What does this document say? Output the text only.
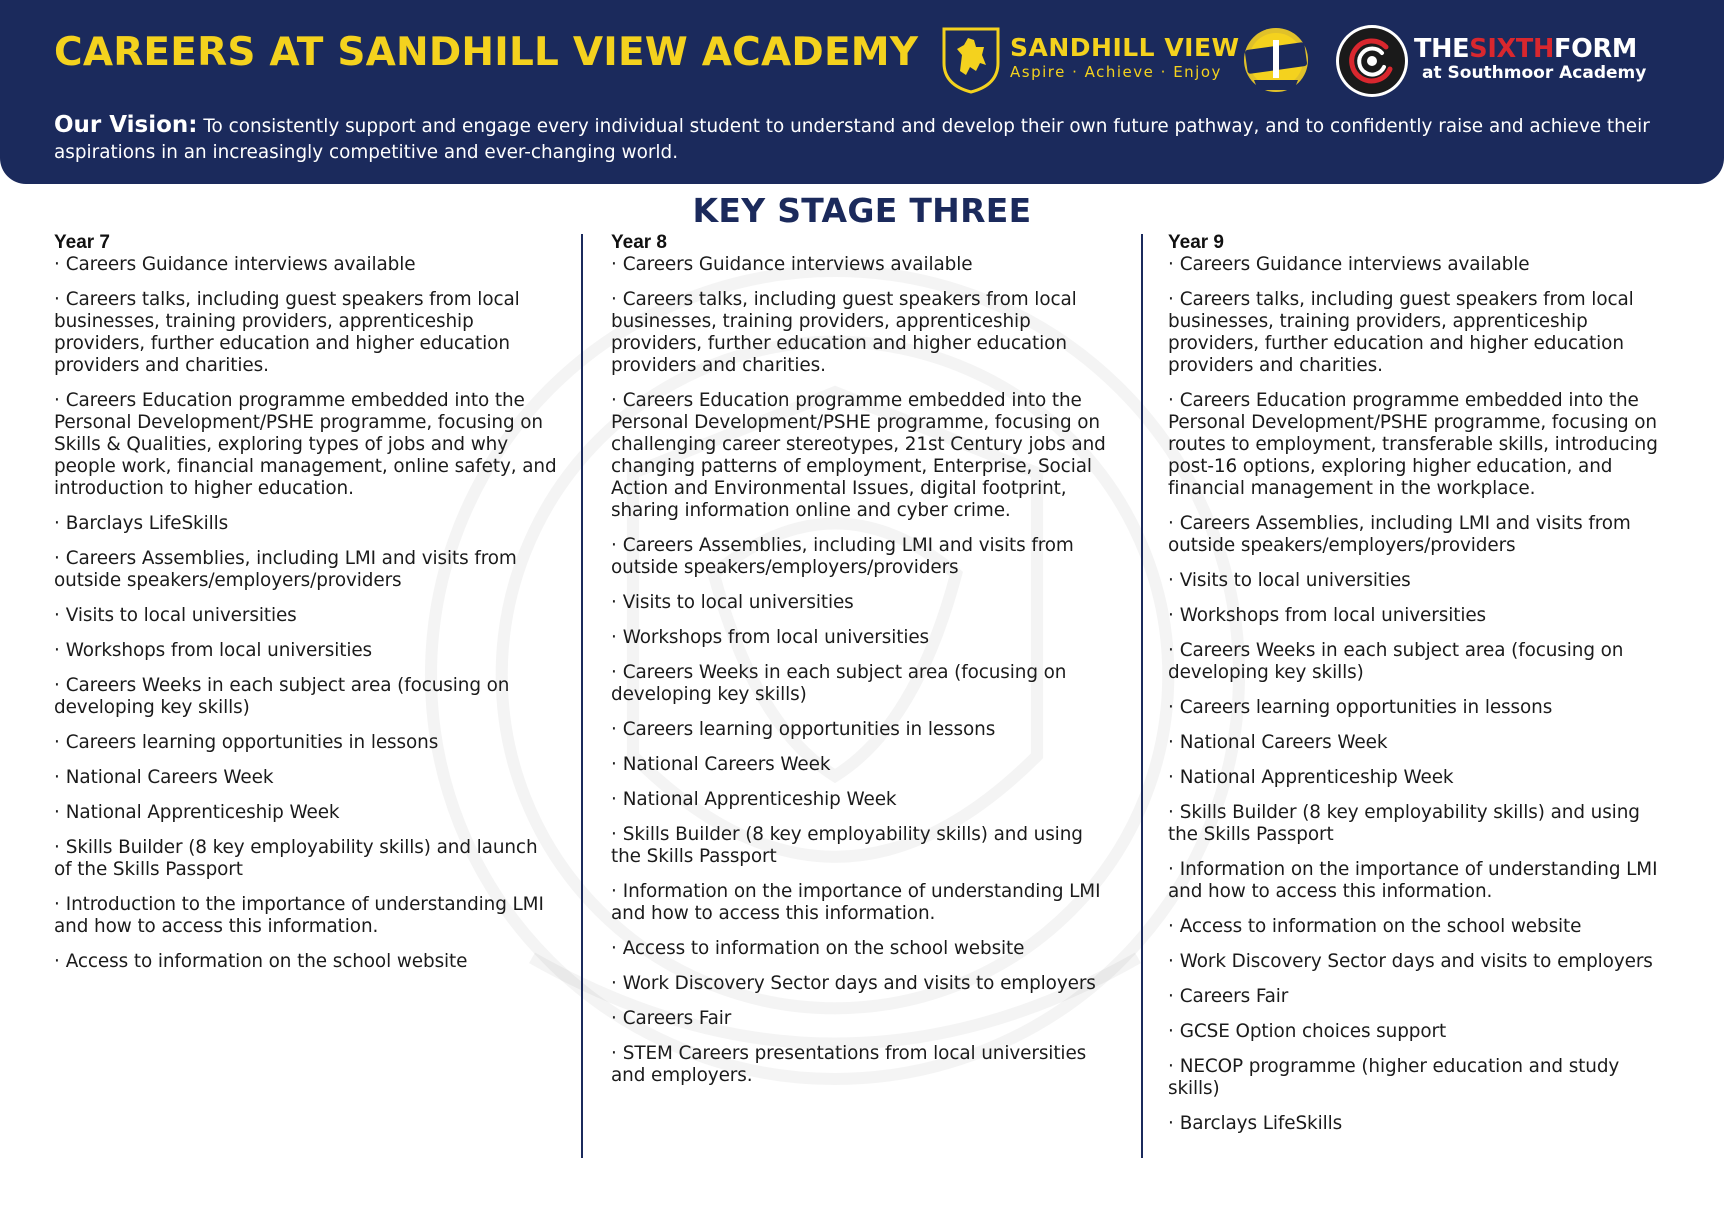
CAREERS AT SANDHILL VIEW ACADEMY	SANDHILL VIEW
Aspire · Achieve · Enjoy
THESIXTHFORM
at Southmoor Academy
Our Vision: To consistently support and engage every individual student to understand and develop their own future pathway, and to confidently raise and achieve their aspirations in an increasingly competitive and ever-changing world.
KEY STAGE THREE
Year 7
· Careers Guidance interviews available
· Careers talks, including guest speakers from local businesses, training providers, apprenticeship providers, further education and higher education providers and charities.
· Careers Education programme embedded into the Personal Development/PSHE programme, focusing on Skills & Qualities, exploring types of jobs and why people work, financial management, online safety, and introduction to higher education.
· Barclays LifeSkills
· Careers Assemblies, including LMI and visits from outside speakers/employers/providers
· Visits to local universities
· Workshops from local universities
· Careers Weeks in each subject area (focusing on developing key skills)
· Careers learning opportunities in lessons
· National Careers Week
· National Apprenticeship Week
· Skills Builder (8 key employability skills) and launch of the Skills Passport
· Introduction to the importance of understanding LMI and how to access this information.
· Access to information on the school website
Year 8
· Careers Guidance interviews available
· Careers talks, including guest speakers from local businesses, training providers, apprenticeship providers, further education and higher education providers and charities.
· Careers Education programme embedded into the Personal Development/PSHE programme, focusing on challenging career stereotypes, 21st Century jobs and changing patterns of employment, Enterprise, Social Action and Environmental Issues, digital footprint, sharing information online and cyber crime.
· Careers Assemblies, including LMI and visits from outside speakers/employers/providers
· Visits to local universities
· Workshops from local universities
· Careers Weeks in each subject area (focusing on developing key skills)
· Careers learning opportunities in lessons
· National Careers Week
· National Apprenticeship Week
· Skills Builder (8 key employability skills) and using the Skills Passport
· Information on the importance of understanding LMI and how to access this information.
· Access to information on the school website
· Work Discovery Sector days and visits to employers
· Careers Fair
· STEM Careers presentations from local universities and employers.
Year 9
· Careers Guidance interviews available
· Careers talks, including guest speakers from local businesses, training providers, apprenticeship providers, further education and higher education providers and charities.
· Careers Education programme embedded into the Personal Development/PSHE programme, focusing on routes to employment, transferable skills, introducing post-16 options, exploring higher education, and financial management in the workplace.
· Careers Assemblies, including LMI and visits from outside speakers/employers/providers
· Visits to local universities
· Workshops from local universities
· Careers Weeks in each subject area (focusing on developing key skills)
· Careers learning opportunities in lessons
· National Careers Week
· National Apprenticeship Week
· Skills Builder (8 key employability skills) and using the Skills Passport
· Information on the importance of understanding LMI and how to access this information.
· Access to information on the school website
· Work Discovery Sector days and visits to employers
· Careers Fair
· GCSE Option choices support
· NECOP programme (higher education and study skills)
· Barclays LifeSkills
